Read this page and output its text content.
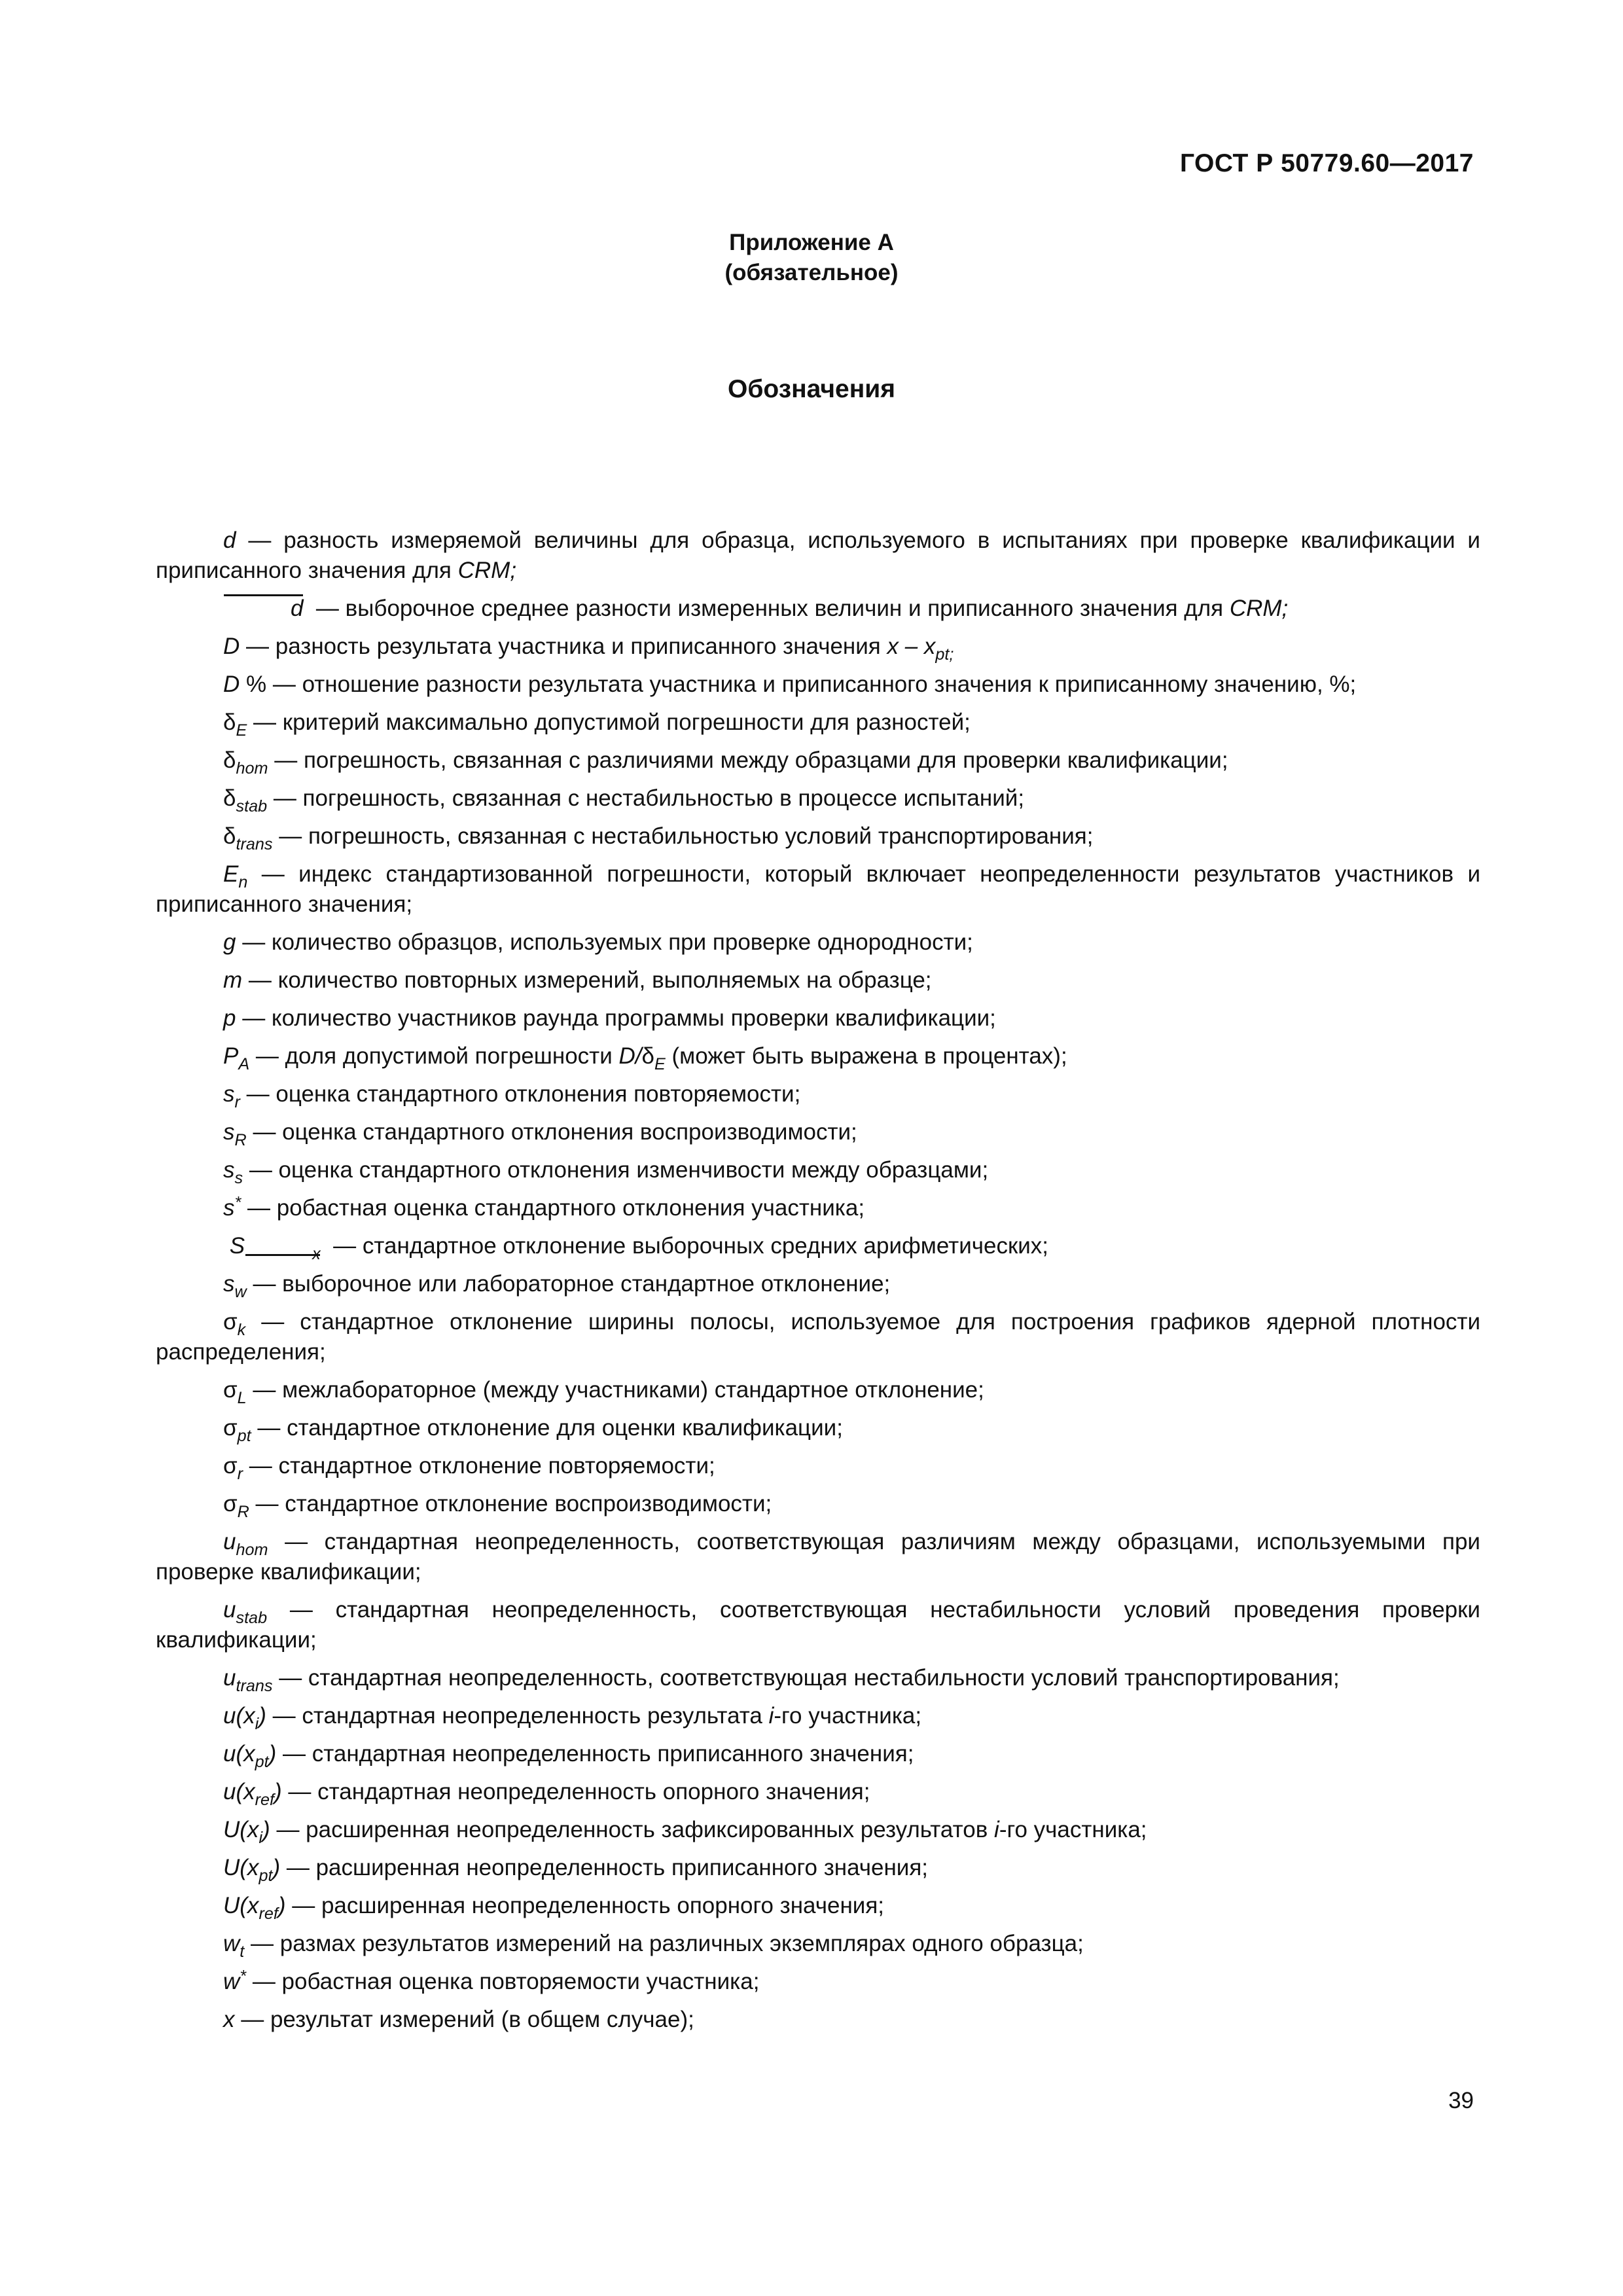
ГОСТ Р 50779.60—2017
Приложение А
(обязательное)
Обозначения

d — разность измеряемой величины для образца, используемого в испытаниях при проверке квалификации и приписанного значения для CRM;

d — выборочное среднее разности измеренных величин и приписанного значения для CRM;

D — разность результата участника и приписанного значения x – $x_{pt;}$

D % — отношение разности результата участника и приписанного значения к приписанному значению, %;

$\delta_E$ — критерий максимально допустимой погрешности для разностей;

$\delta_{hom}$ — погрешность, связанная с различиями между образцами для проверки квалификации;

$\delta_{stab}$ — погрешность, связанная с нестабильностью в процессе испытаний;

$\delta_{trans}$ — погрешность, связанная с нестабильностью условий транспортирования;

$E_n$ — индекс стандартизованной погрешности, который включает неопределенности результатов участников и приписанного значения;

g — количество образцов, используемых при проверке однородности;

m — количество повторных измерений, выполняемых на образце;

p — количество участников раунда программы проверки квалификации;

$P_A$ — доля допустимой погрешности $D/\delta_E$ (может быть выражена в процентах);

$s_r$ — оценка стандартного отклонения повторяемости;

$s_R$ — оценка стандартного отклонения воспроизводимости;

$s_s$ — оценка стандартного отклонения изменчивости между образцами;

s* — робастная оценка стандартного отклонения участника;

S	$_x$ — стандартное отклонение выборочных средних арифметических;

$s_w$ — выборочное или лабораторное стандартное отклонение;

$\sigma_k$ — стандартное отклонение ширины полосы, используемое для построения графиков ядерной плотности распределения;

$\sigma_L$ — межлабораторное (между участниками) стандартное отклонение;

$\sigma_{pt}$ — стандартное отклонение для оценки квалификации;

$\sigma_r$ — стандартное отклонение повторяемости;

$\sigma_R$ — стандартное отклонение воспроизводимости;

$u_{hom}$ — стандартная неопределенность, соответствующая различиям между образцами, используемыми при проверке квалификации;

$u_{stab}$ — стандартная неопределенность, соответствующая нестабильности условий проведения проверки квалификации;

$u_{trans}$ — стандартная неопределенность, соответствующая нестабильности условий транспортирования;

$u(x_i)$ — стандартная неопределенность результата i-го участника;

$u(x_{pt})$ — стандартная неопределенность приписанного значения;

$u(x_{ref})$ — стандартная неопределенность опорного значения;

$U(x_i)$ — расширенная неопределенность зафиксированных результатов i-го участника;

$U(x_{pt})$ — расширенная неопределенность приписанного значения;

$U(x_{ref})$ — расширенная неопределенность опорного значения;

$w_t$ — размах результатов измерений на различных экземплярах одного образца;

w* — робастная оценка повторяемости участника;

x — результат измерений (в общем случае);

39
